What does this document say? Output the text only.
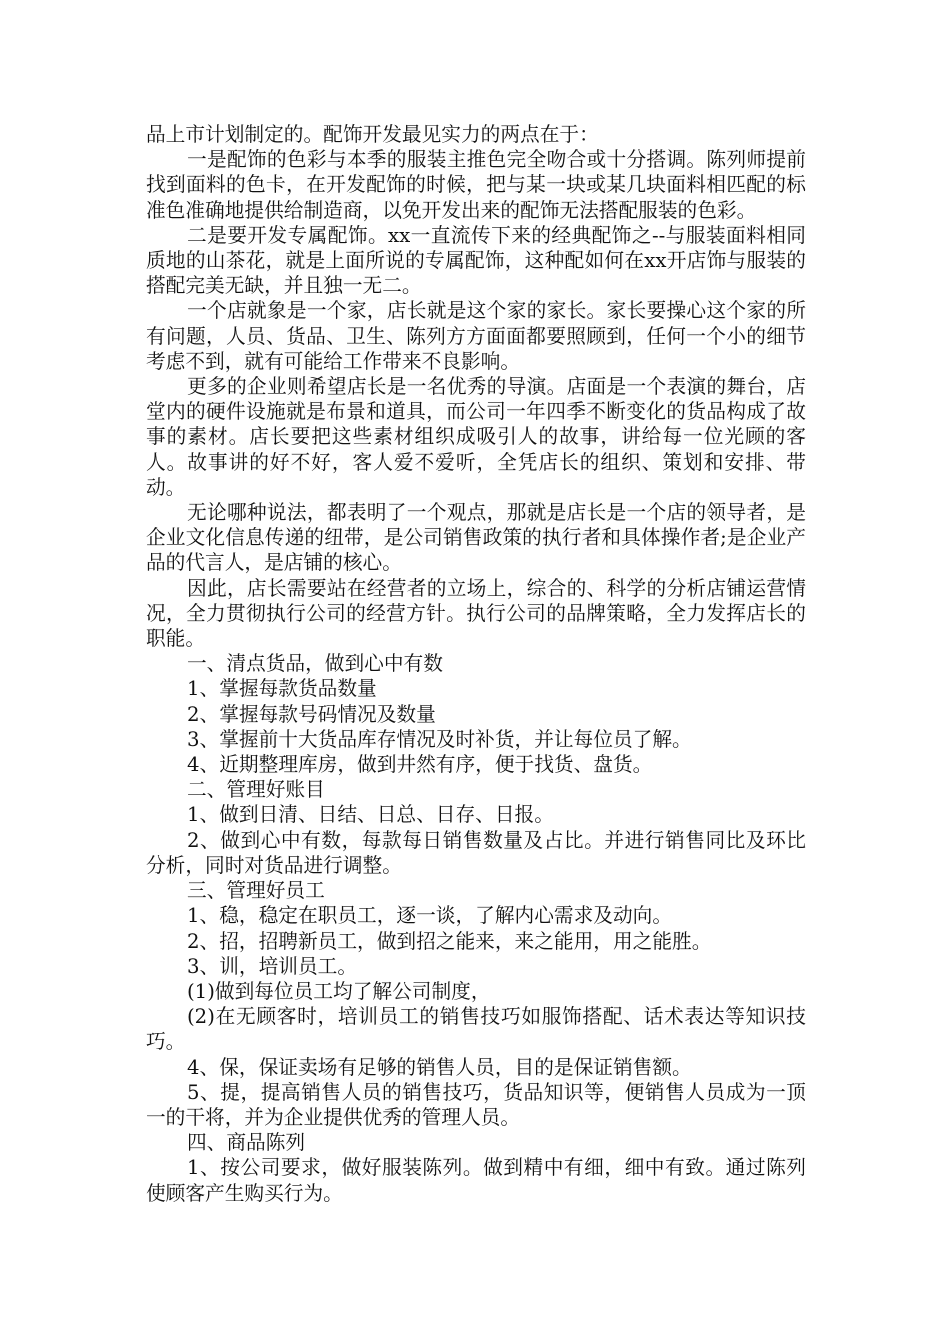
品上市计划制定的。配饰开发最见实力的两点在于：

一是配饰的色彩与本季的服装主推色完全吻合或十分搭调。陈列师提前找到面料的色卡，在开发配饰的时候，把与某一块或某几块面料相匹配的标准色准确地提供给制造商，以免开发出来的配饰无法搭配服装的色彩。

二是要开发专属配饰。xx一直流传下来的经典配饰之--与服装面料相同质地的山茶花，就是上面所说的专属配饰，这种配如何在xx开店饰与服装的搭配完美无缺，并且独一无二。

一个店就象是一个家，店长就是这个家的家长。家长要操心这个家的所有问题，人员、货品、卫生、陈列方方面面都要照顾到，任何一个小的细节考虑不到，就有可能给工作带来不良影响。

更多的企业则希望店长是一名优秀的导演。店面是一个表演的舞台，店堂内的硬件设施就是布景和道具，而公司一年四季不断变化的货品构成了故事的素材。店长要把这些素材组织成吸引人的故事，讲给每一位光顾的客人。故事讲的好不好，客人爱不爱听，全凭店长的组织、策划和安排、带动。

无论哪种说法，都表明了一个观点，那就是店长是一个店的领导者，是企业文化信息传递的纽带，是公司销售政策的执行者和具体操作者;是企业产品的代言人，是店铺的核心。

因此，店长需要站在经营者的立场上，综合的、科学的分析店铺运营情况，全力贯彻执行公司的经营方针。执行公司的品牌策略，全力发挥店长的职能。

一、清点货品，做到心中有数

1、掌握每款货品数量

2、掌握每款号码情况及数量

3、掌握前十大货品库存情况及时补货，并让每位员了解。

4、近期整理库房，做到井然有序，便于找货、盘货。

二、管理好账目

1、做到日清、日结、日总、日存、日报。

2、做到心中有数，每款每日销售数量及占比。并进行销售同比及环比分析，同时对货品进行调整。

三、管理好员工

1、稳，稳定在职员工，逐一谈，了解内心需求及动向。

2、招，招聘新员工，做到招之能来，来之能用，用之能胜。

3、训，培训员工。

(1)做到每位员工均了解公司制度，

(2)在无顾客时，培训员工的销售技巧如服饰搭配、话术表达等知识技巧。

4、保，保证卖场有足够的销售人员，目的是保证销售额。

5、提，提高销售人员的销售技巧，货品知识等，便销售人员成为一顶一的干将，并为企业提供优秀的管理人员。

四、商品陈列

1、按公司要求，做好服装陈列。做到精中有细，细中有致。通过陈列使顾客产生购买行为。
